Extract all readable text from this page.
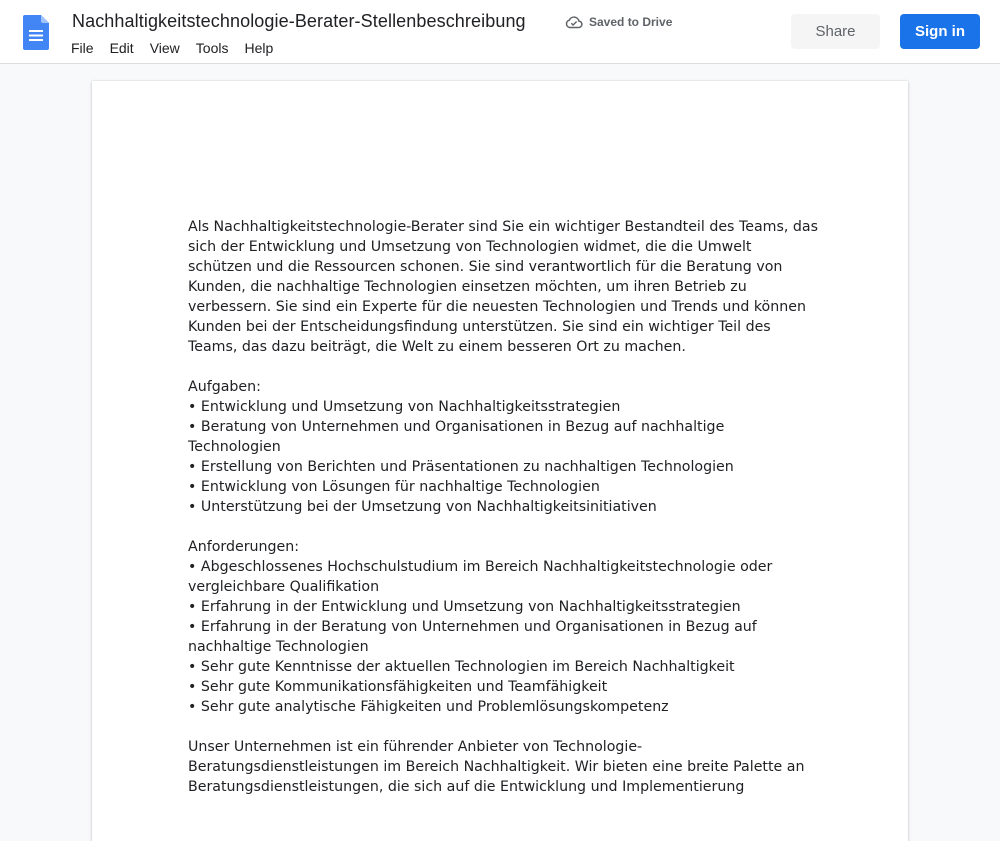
Nachhaltigkeitstechnologie-Berater-Stellenbeschreibung	Saved to Drive
File Edit View Tools Help
Share	Sign in

Als Nachhaltigkeitstechnologie-Berater sind Sie ein wichtiger Bestandteil des Teams, das sich der Entwicklung und Umsetzung von Technologien widmet, die die Umwelt schützen und die Ressourcen schonen. Sie sind verantwortlich für die Beratung von Kunden, die nachhaltige Technologien einsetzen möchten, um ihren Betrieb zu verbessern. Sie sind ein Experte für die neuesten Technologien und Trends und können Kunden bei der Entscheidungsfindung unterstützen. Sie sind ein wichtiger Teil des Teams, das dazu beiträgt, die Welt zu einem besseren Ort zu machen.

Aufgaben:

• Entwicklung und Umsetzung von Nachhaltigkeitsstrategien

• Beratung von Unternehmen und Organisationen in Bezug auf nachhaltige Technologien

• Erstellung von Berichten und Präsentationen zu nachhaltigen Technologien

• Entwicklung von Lösungen für nachhaltige Technologien

• Unterstützung bei der Umsetzung von Nachhaltigkeitsinitiativen

Anforderungen:

• Abgeschlossenes Hochschulstudium im Bereich Nachhaltigkeitstechnologie oder vergleichbare Qualifikation

• Erfahrung in der Entwicklung und Umsetzung von Nachhaltigkeitsstrategien

• Erfahrung in der Beratung von Unternehmen und Organisationen in Bezug auf nachhaltige Technologien

• Sehr gute Kenntnisse der aktuellen Technologien im Bereich Nachhaltigkeit

• Sehr gute Kommunikationsfähigkeiten und Teamfähigkeit

• Sehr gute analytische Fähigkeiten und Problemlösungskompetenz

Unser Unternehmen ist ein führender Anbieter von Technologie-Beratungsdienstleistungen im Bereich Nachhaltigkeit. Wir bieten eine breite Palette an Beratungsdienstleistungen, die sich auf die Entwicklung und Implementierung
